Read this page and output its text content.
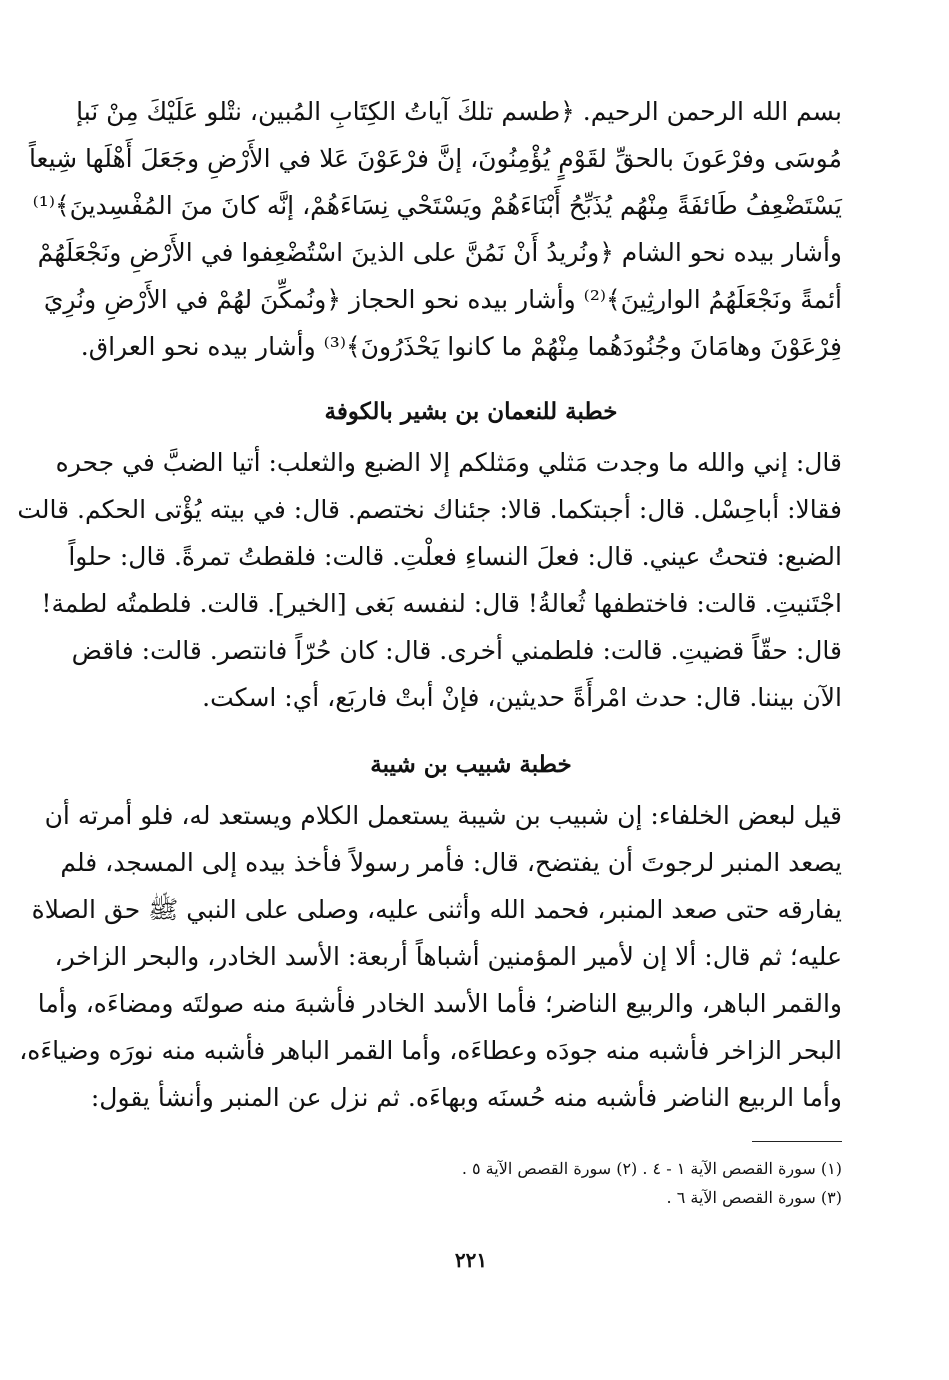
بسم الله الرحمن الرحيم. ﴿طسم تلكَ آياتُ الكِتَابِ المُبين، نتْلو عَلَيْكَ مِنْ نَبإ
مُوسَى وفرْعَونَ بالحقِّ لقَوْمٍ يُؤْمِنُونَ، إنَّ فرْعَوْنَ عَلا في الأَرْضِ وجَعَلَ أَهْلَها شِيعاً
يَسْتَضْعِفُ طَائفَةً مِنْهُم يُذَبِّحُ أَبْنَاءَهُمْ ويَسْتَحْي نِسَاءَهُمْ، إنَّه كانَ منَ المُفْسِدينَ﴾⁽¹⁾
وأشار بيده نحو الشام ﴿ونُريدُ أَنْ نَمُنَّ على الذينَ اسْتُضْعِفوا في الأَرْضِ ونَجْعَلَهُمْ
أئمةً ونَجْعَلَهُمُ الوارثِينَ﴾⁽²⁾ وأشار بيده نحو الحجاز ﴿ونُمكِّنَ لهُمْ في الأَرْضِ ونُرِيَ
فِرْعَوْنَ وهامَانَ وجُنُودَهُما مِنْهُمْ ما كانوا يَحْذَرُونَ﴾⁽³⁾ وأشار بيده نحو العراق.

خطبة للنعمان بن بشير بالكوفة

قال: إني والله ما وجدت مَثلي ومَثلكم إلا الضبع والثعلب: أتيا الضبَّ في جحره
فقالا: أباحِسْل. قال: أجبتكما. قالا: جئناك نختصم. قال: في بيته يُؤْتى الحكم. قالت
الضبع: فتحتُ عيني. قال: فعلَ النساءِ فعلْتِ. قالت: فلقطتُ تمرةً. قال: حلواً
اجْتَنيتِ. قالت: فاختطفها ثُعالةُ! قال: لنفسه بَغى [الخير]. قالت. فلطمتُه لطمة!
قال: حقّاً قضيتِ. قالت: فلطمني أخرى. قال: كان حُرّاً فانتصر. قالت: فاقض
الآن بيننا. قال: حدث امْرأَةً حديثين، فإنْ أبتْ فاربَع، أي: اسكت.

خطبة شبيب بن شيبة

قيل لبعض الخلفاء: إن شبيب بن شيبة يستعمل الكلام ويستعد له، فلو أمرته أن
يصعد المنبر لرجوتَ أن يفتضح، قال: فأمر رسولاً فأخذ بيده إلى المسجد، فلم
يفارقه حتى صعد المنبر، فحمد الله وأثنى عليه، وصلى على النبي ﷺ حق الصلاة
عليه؛ ثم قال: ألا إن لأمير المؤمنين أشباهاً أربعة: الأسد الخادر، والبحر الزاخر،
والقمر الباهر، والربيع الناضر؛ فأما الأسد الخادر فأشبهَ منه صولتَه ومضاءَه، وأما
البحر الزاخر فأشبه منه جودَه وعطاءَه، وأما القمر الباهر فأشبه منه نورَه وضياءَه،
وأما الربيع الناضر فأشبه منه حُسنَه وبهاءَه. ثم نزل عن المنبر وأنشأ يقول:

(١) سورة القصص الآية ١ - ٤ . (٢) سورة القصص الآية ٥ .
(٣) سورة القصص الآية ٦ .
٢٢١
